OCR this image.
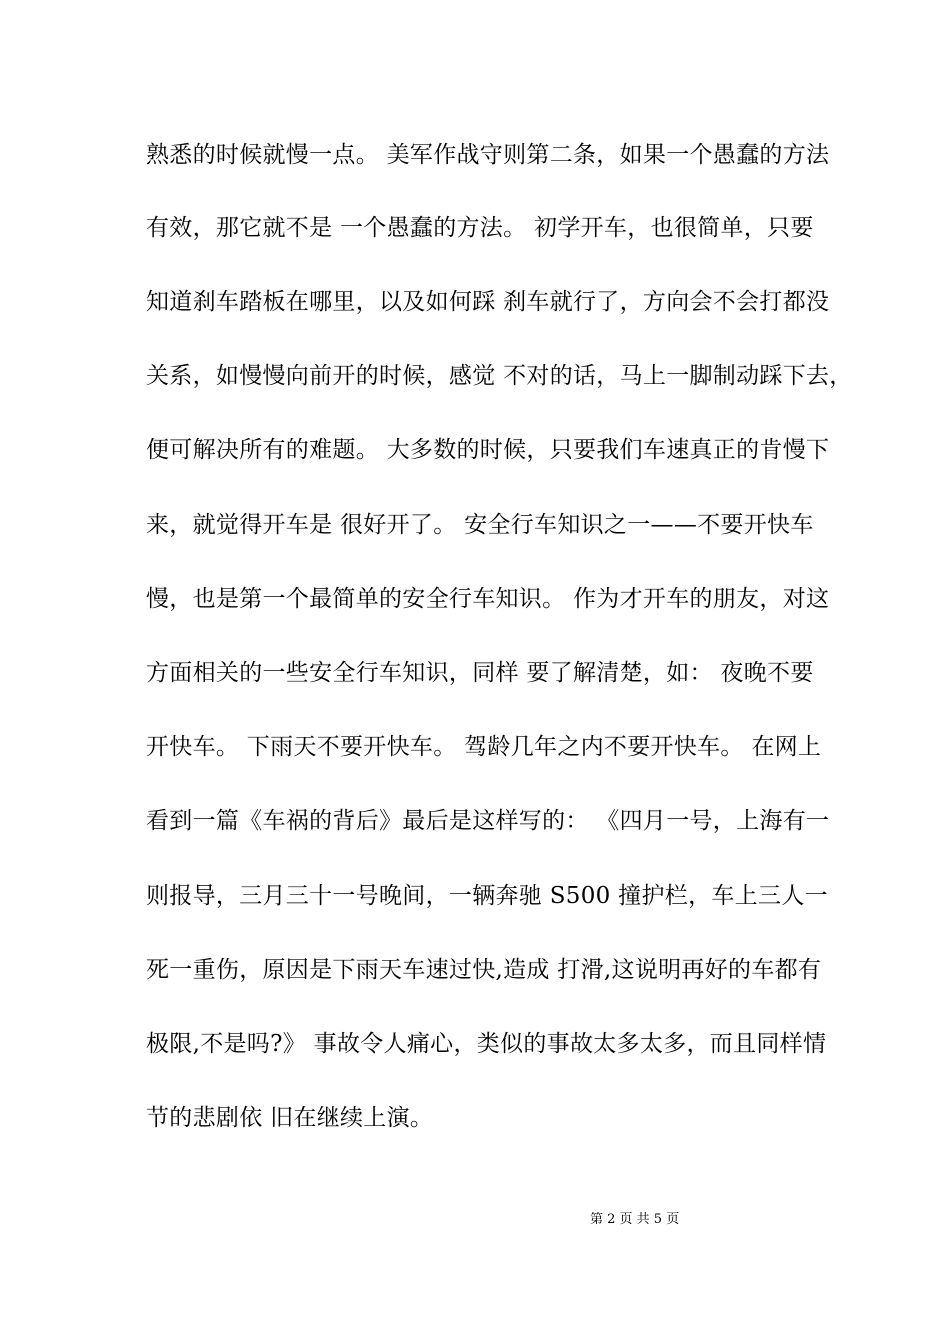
熟悉的时候就慢一点。 美军作战守则第二条，如果一个愚蠢的方法
有效，那它就不是 一个愚蠢的方法。 初学开车，也很简单，只要
知道刹车踏板在哪里，以及如何踩 刹车就行了，方向会不会打都没
关系，如慢慢向前开的时候，感觉 不对的话，马上一脚制动踩下去，
便可解决所有的难题。 大多数的时候，只要我们车速真正的肯慢下
来，就觉得开车是 很好开了。 安全行车知识之一——不要开快车
慢，也是第一个最简单的安全行车知识。 作为才开车的朋友，对这
方面相关的一些安全行车知识，同样 要了解清楚，如： 夜晚不要
开快车。 下雨天不要开快车。 驾龄几年之内不要开快车。 在网上
看到一篇《车祸的背后》最后是这样写的： 《四月一号，上海有一
则报导，三月三十一号晚间，一辆奔驰 S500 撞护栏，车上三人一
死一重伤，原因是下雨天车速过快,造成 打滑,这说明再好的车都有
极限,不是吗?》 事故令人痛心，类似的事故太多太多，而且同样情
节的悲剧依 旧在继续上演。
第 2 页 共 5 页
